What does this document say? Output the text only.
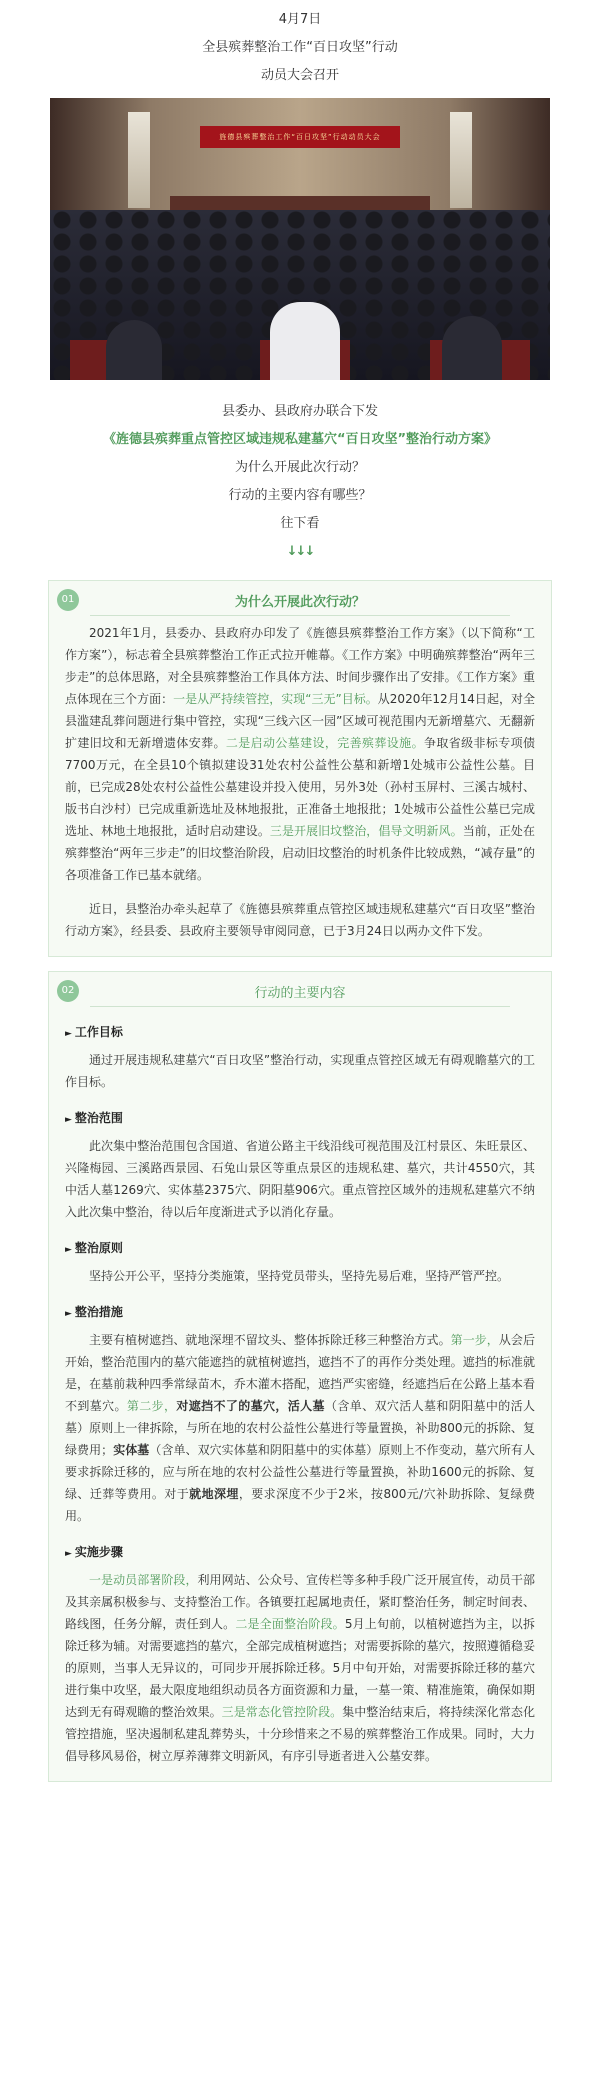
4月7日
全县殡葬整治工作“百日攻坚”行动
动员大会召开
旌德县殡葬整治工作“百日攻坚”行动动员大会
县委办、县政府办联合下发
《旌德县殡葬重点管控区域违规私建墓穴“百日攻坚”整治行动方案》
为什么开展此次行动？
行动的主要内容有哪些？
往下看
↓↓↓
01	为什么开展此次行动？

2021年1月，县委办、县政府办印发了《旌德县殡葬整治工作方案》（以下简称“工作方案”），标志着全县殡葬整治工作正式拉开帷幕。《工作方案》中明确殡葬整治“两年三步走”的总体思路，对全县殡葬整治工作具体方法、时间步骤作出了安排。《工作方案》重点体现在三个方面：一是从严持续管控，实现“三无”目标。从2020年12月14日起，对全县滥建乱葬问题进行集中管控，实现“三线六区一园”区域可视范围内无新增墓穴、无翻新扩建旧坟和无新增遗体安葬。二是启动公墓建设，完善殡葬设施。争取省级非标专项债7700万元，在全县10个镇拟建设31处农村公益性公墓和新增1处城市公益性公墓。目前，已完成28处农村公益性公墓建设并投入使用，另外3处（孙村玉屏村、三溪古城村、版书白沙村）已完成重新选址及林地报批，正准备土地报批；1处城市公益性公墓已完成选址、林地土地报批，适时启动建设。三是开展旧坟整治，倡导文明新风。当前，正处在殡葬整治“两年三步走”的旧坟整治阶段，启动旧坟整治的时机条件比较成熟，“减存量”的各项准备工作已基本就绪。

近日，县整治办牵头起草了《旌德县殡葬重点管控区域违规私建墓穴“百日攻坚”整治行动方案》，经县委、县政府主要领导审阅同意，已于3月24日以两办文件下发。

02	行动的主要内容
► 工作目标

通过开展违规私建墓穴“百日攻坚”整治行动，实现重点管控区域无有碍观瞻墓穴的工作目标。

► 整治范围

此次集中整治范围包含国道、省道公路主干线沿线可视范围及江村景区、朱旺景区、兴隆梅园、三溪路西景园、石兔山景区等重点景区的违规私建、墓穴，共计4550穴，其中活人墓1269穴、实体墓2375穴、阴阳墓906穴。重点管控区域外的违规私建墓穴不纳入此次集中整治，待以后年度渐进式予以消化存量。

► 整治原则

坚持公开公平，坚持分类施策，坚持党员带头，坚持先易后难，坚持严管严控。

► 整治措施

主要有植树遮挡、就地深埋不留坟头、整体拆除迁移三种整治方式。第一步，从会后开始，整治范围内的墓穴能遮挡的就植树遮挡，遮挡不了的再作分类处理。遮挡的标准就是，在墓前栽种四季常绿苗木，乔木灌木搭配，遮挡严实密缝，经遮挡后在公路上基本看不到墓穴。第二步，对遮挡不了的墓穴，活人墓（含单、双穴活人墓和阴阳墓中的活人墓）原则上一律拆除，与所在地的农村公益性公墓进行等量置换，补助800元的拆除、复绿费用；实体墓（含单、双穴实体墓和阴阳墓中的实体墓）原则上不作变动，墓穴所有人要求拆除迁移的，应与所在地的农村公益性公墓进行等量置换，补助1600元的拆除、复绿、迁葬等费用。对于就地深埋，要求深度不少于2米，按800元/穴补助拆除、复绿费用。

► 实施步骤

一是动员部署阶段，利用网站、公众号、宣传栏等多种手段广泛开展宣传，动员干部及其亲属积极参与、支持整治工作。各镇要扛起属地责任，紧盯整治任务，制定时间表、路线图，任务分解，责任到人。二是全面整治阶段。5月上旬前，以植树遮挡为主，以拆除迁移为辅。对需要遮挡的墓穴，全部完成植树遮挡；对需要拆除的墓穴，按照遵循稳妥的原则，当事人无异议的，可同步开展拆除迁移。5月中旬开始，对需要拆除迁移的墓穴进行集中攻坚，最大限度地组织动员各方面资源和力量，一墓一策、精准施策，确保如期达到无有碍观瞻的整治效果。三是常态化管控阶段。集中整治结束后，将持续深化常态化管控措施，坚决遏制私建乱葬势头，十分珍惜来之不易的殡葬整治工作成果。同时，大力倡导移风易俗，树立厚养薄葬文明新风，有序引导逝者进入公墓安葬。
